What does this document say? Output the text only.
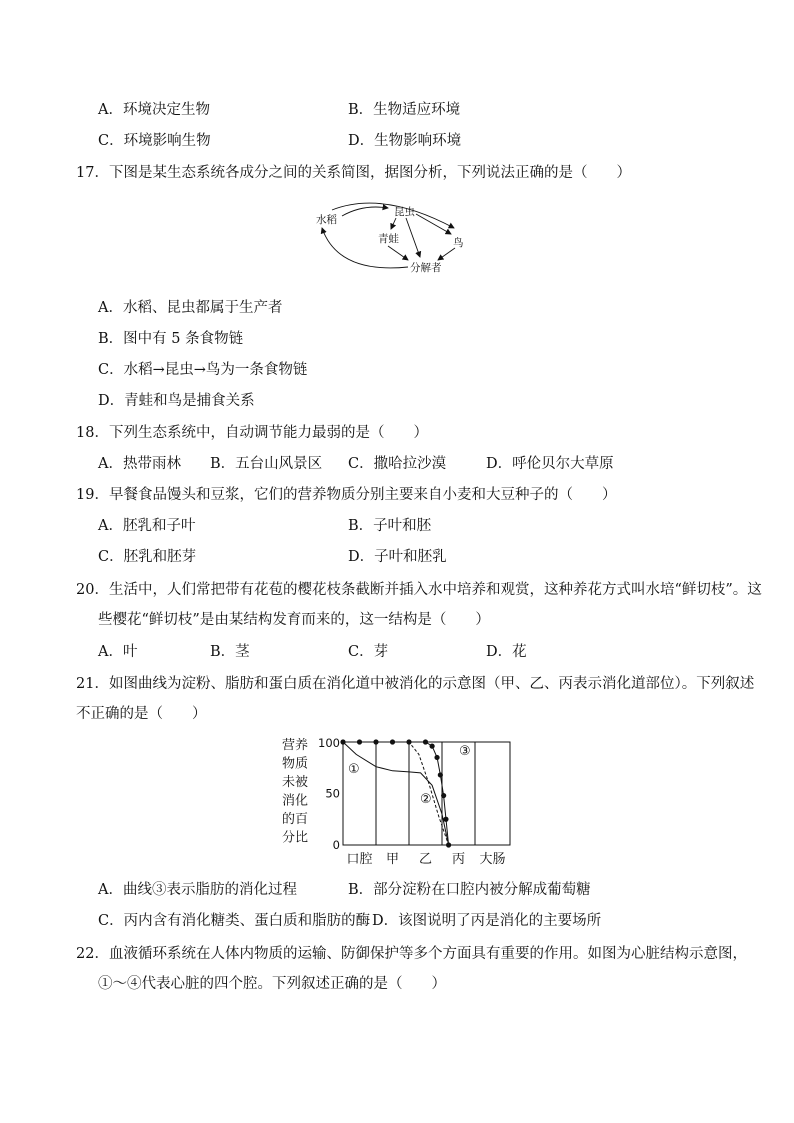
A．环境决定生物	B．生物适应环境
C．环境影响生物	D．生物影响环境
17．下图是某生态系统各成分之间的关系简图，据图分析，下列说法正确的是（　　）
水稻
昆虫
青蛙	鸟
分解者
A．水稻、昆虫都属于生产者
B．图中有 5 条食物链
C．水稻→昆虫→鸟为一条食物链
D．青蛙和鸟是捕食关系
18．下列生态系统中，自动调节能力最弱的是（　　）
A．热带雨林 B．五台山风景区 C．撒哈拉沙漠	D．呼伦贝尔大草原
19．早餐食品馒头和豆浆，它们的营养物质分别主要来自小麦和大豆种子的（　　）
A．胚乳和子叶	B．子叶和胚
C．胚乳和胚芽	D．子叶和胚乳
20．生活中，人们常把带有花苞的樱花枝条截断并插入水中培养和观赏，这种养花方式叫水培“鲜切枝”。这
些樱花“鲜切枝”是由某结构发育而来的，这一结构是（　　）
A．叶	B．茎	C．芽	D．花
21．如图曲线为淀粉、脂肪和蛋白质在消化道中被消化的示意图（甲、乙、丙表示消化道部位）。下列叙述
不正确的是（　　）
营养
物质
未被
消化
的百
分比
100
50
0
口腔 甲 乙 丙 大肠
①
②
③
A．曲线③表示脂肪的消化过程	B．部分淀粉在口腔内被分解成葡萄糖
C．丙内含有消化糖类、蛋白质和脂肪的酶 D．该图说明了丙是消化的主要场所
22．血液循环系统在人体内物质的运输、防御保护等多个方面具有重要的作用。如图为心脏结构示意图，
①～④代表心脏的四个腔。下列叙述正确的是（　　）
